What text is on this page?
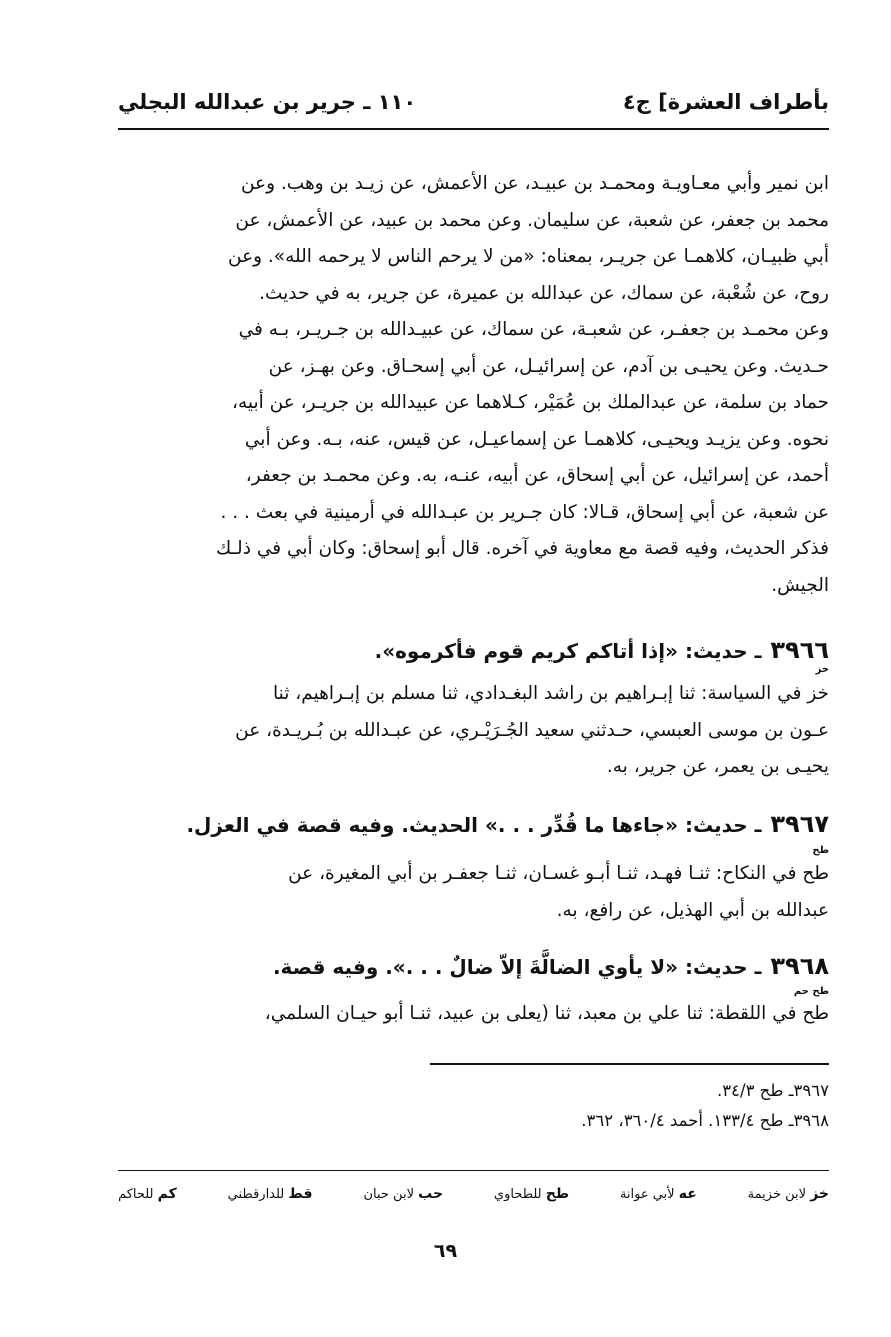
بأطراف العشرة] ج٤
١١٠ ـ جرير بن عبدالله البجلي
ابن نمير وأبي معـاويـة ومحمـد بن عبيـد، عن الأعمش، عن زيـد بن وهب. وعن
محمد بن جعفر، عن شعبة، عن سليمان. وعن محمد بن عبيد، عن الأعمش، عن
أبي ظبيـان، كلاهمـا عن جريـر، بمعناه: «من لا يرحم الناس لا يرحمه الله». وعن
روح، عن شُعْبة، عن سماك، عن عبدالله بن عميرة، عن جرير، به في حديث.
وعن محمـد بن جعفـر، عن شعبـة، عن سماك، عن عبيـدالله بن جـريـر، بـه في
حـديث. وعن يحيـى بن آدم، عن إسرائيـل، عن أبي إسحـاق. وعن بهـز، عن
حماد بن سلمة، عن عبدالملك بن عُمَيْر، كـلاهما عن عبيدالله بن جريـر، عن أبيه،
نحوه. وعن يزيـد ويحيـى، كلاهمـا عن إسماعيـل، عن قيس، عنه، بـه. وعن أبي
أحمد، عن إسرائيل، عن أبي إسحاق، عن أبيه، عنـه، به. وعن محمـد بن جعفر،
عن شعبة، عن أبي إسحاق، قـالا: كان جـرير بن عبـدالله في أرمينية في بعث . . .
فذكر الحديث، وفيه قصة مع معاوية في آخره. قال أبو إسحاق: وكان أبي في ذلـك
الجيش.
٣٩٦٦ ـ حديث: «إذا أتاكم كريم قوم فأكرموه».
خز
خز في السياسة: ثنا إبـراهيم بن راشد البغـدادي، ثنا مسلم بن إبـراهيم، ثنا
عـون بن موسى العبسي، حـدثني سعيد الجُـرَيْـري، عن عبـدالله بن بُـريـدة، عن
يحيـى بن يعمر، عن جرير، به.
٣٩٦٧ ـ حديث: «جاءها ما قُدِّر . . .» الحديث. وفيه قصة في العزل.
طح
طح في النكاح: ثنـا فهـد، ثنـا أبـو غسـان، ثنـا جعفـر بن أبي المغيرة، عن
عبدالله بن أبي الهذيل، عن رافع، به.
٣٩٦٨ ـ حديث: «لا يأوي الضالَّةَ إلاّ ضالٌ . . .». وفيه قصة.
طح حم
طح في اللقطة: ثنا علي بن معبد، ثنا (يعلى بن عبيد، ثنـا أبو حيـان السلمي،
٣٩٦٧ـ طح ٣٤/٣.
٣٩٦٨ـ طح ١٣٣/٤. أحمد ٣٦٠/٤، ٣٦٢.
خز لابن خزيمة
عه لأبي عوانة
طح للطحاوي
حب لابن حبان
قط للدارقطني
كم للحاكم
٦٩
